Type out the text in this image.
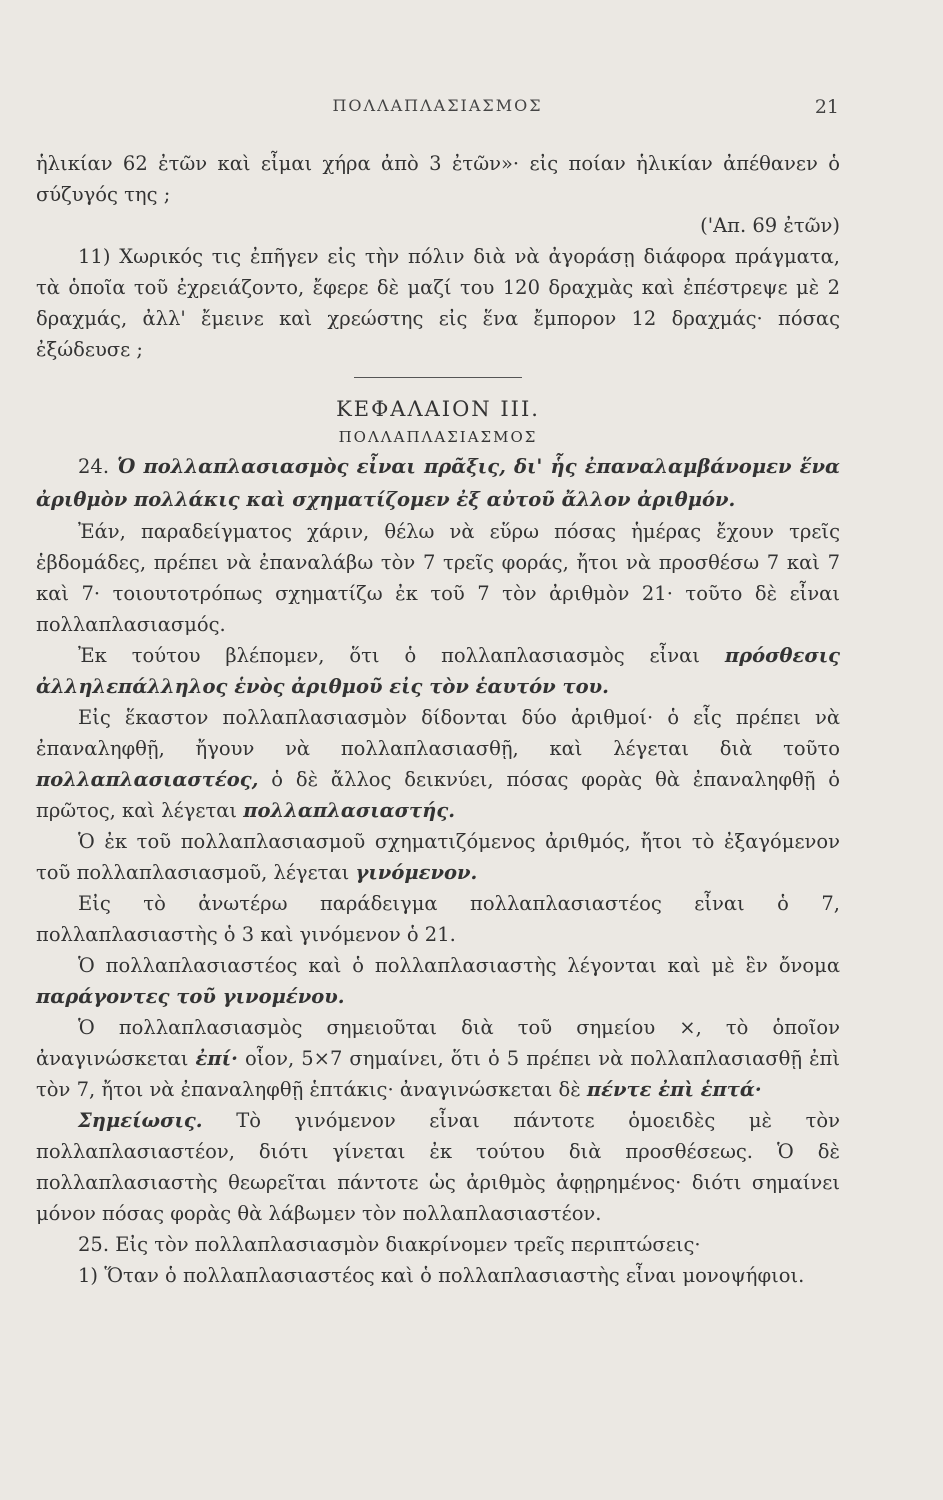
ΠΟΛΛΑΠΛΑΣΙΑΣΜΟΣ	21

ἡλικίαν 62 ἐτῶν καὶ εἶμαι χήρα ἀπὸ 3 ἐτῶν»· εἰς ποίαν ἡλικίαν ἀπέθανεν ὁ σύζυγός της ;

('Απ. 69 ἐτῶν)

11) Χωρικός τις ἐπῆγεν εἰς τὴν πόλιν διὰ νὰ ἀγοράσῃ διάφορα πράγματα, τὰ ὁποῖα τοῦ ἐχρειάζοντο, ἔφερε δὲ μαζί του 120 δραχμὰς καὶ ἐπέστρεψε μὲ 2 δραχμάς, ἀλλ' ἔμεινε καὶ χρεώστης εἰς ἕνα ἔμπορον 12 δραχμάς· πόσας ἐξώδευσε ;

ΚΕΦΑΛΑΙΟΝ ΙΙΙ.
ΠΟΛΛΑΠΛΑΣΙΑΣΜΟΣ

24. Ὁ πολλαπλασιασμὸς εἶναι πρᾶξις, δι' ἧς ἐπαναλαμβάνομεν ἕνα ἀριθμὸν πολλάκις καὶ σχηματίζομεν ἐξ αὐτοῦ ἄλλον ἀριθμόν.

Ἐάν, παραδείγματος χάριν, θέλω νὰ εὕρω πόσας ἡμέρας ἔχουν τρεῖς ἑβδομάδες, πρέπει νὰ ἐπαναλάβω τὸν 7 τρεῖς φοράς, ἤτοι νὰ προσθέσω 7 καὶ 7 καὶ 7· τοιουτοτρόπως σχηματίζω ἐκ τοῦ 7 τὸν ἀριθμὸν 21· τοῦτο δὲ εἶναι πολλαπλασιασμός.

Ἐκ τούτου βλέπομεν, ὅτι ὁ πολλαπλασιασμὸς εἶναι πρόσθεσις ἀλληλεπάλληλος ἑνὸς ἀριθμοῦ εἰς τὸν ἑαυτόν του.

Εἰς ἕκαστον πολλαπλασιασμὸν δίδονται δύο ἀριθμοί· ὁ εἷς πρέπει νὰ ἐπαναληφθῇ, ἤγουν νὰ πολλαπλασιασθῇ, καὶ λέγεται διὰ τοῦτο πολλαπλασιαστέος, ὁ δὲ ἄλλος δεικνύει, πόσας φορὰς θὰ ἐπαναληφθῇ ὁ πρῶτος, καὶ λέγεται πολλαπλασιαστής.

Ὁ ἐκ τοῦ πολλαπλασιασμοῦ σχηματιζόμενος ἀριθμός, ἤτοι τὸ ἐξαγόμενον τοῦ πολλαπλασιασμοῦ, λέγεται γινόμενον.

Εἰς τὸ ἀνωτέρω παράδειγμα πολλαπλασιαστέος εἶναι ὁ 7, πολλαπλασιαστὴς ὁ 3 καὶ γινόμενον ὁ 21.

Ὁ πολλαπλασιαστέος καὶ ὁ πολλαπλασιαστὴς λέγονται καὶ μὲ ἓν ὄνομα παράγοντες τοῦ γινομένου.

Ὁ πολλαπλασιασμὸς σημειοῦται διὰ τοῦ σημείου ×, τὸ ὁποῖον ἀναγινώσκεται ἐπί· οἷον, 5×7 σημαίνει, ὅτι ὁ 5 πρέπει νὰ πολλαπλασιασθῇ ἐπὶ τὸν 7, ἤτοι νὰ ἐπαναληφθῇ ἑπτάκις· ἀναγινώσκεται δὲ πέντε ἐπὶ ἑπτά·

Σημείωσις. Τὸ γινόμενον εἶναι πάντοτε ὁμοειδὲς μὲ τὸν πολλαπλασιαστέον, διότι γίνεται ἐκ τούτου διὰ προσθέσεως. Ὁ δὲ πολλαπλασιαστὴς θεωρεῖται πάντοτε ὡς ἀριθμὸς ἀφῃρημένος· διότι σημαίνει μόνον πόσας φορὰς θὰ λάβωμεν τὸν πολλαπλασιαστέον.

25. Εἰς τὸν πολλαπλασιασμὸν διακρίνομεν τρεῖς περιπτώσεις·

1) Ὅταν ὁ πολλαπλασιαστέος καὶ ὁ πολλαπλασιαστὴς εἶναι μονοψήφιοι.
